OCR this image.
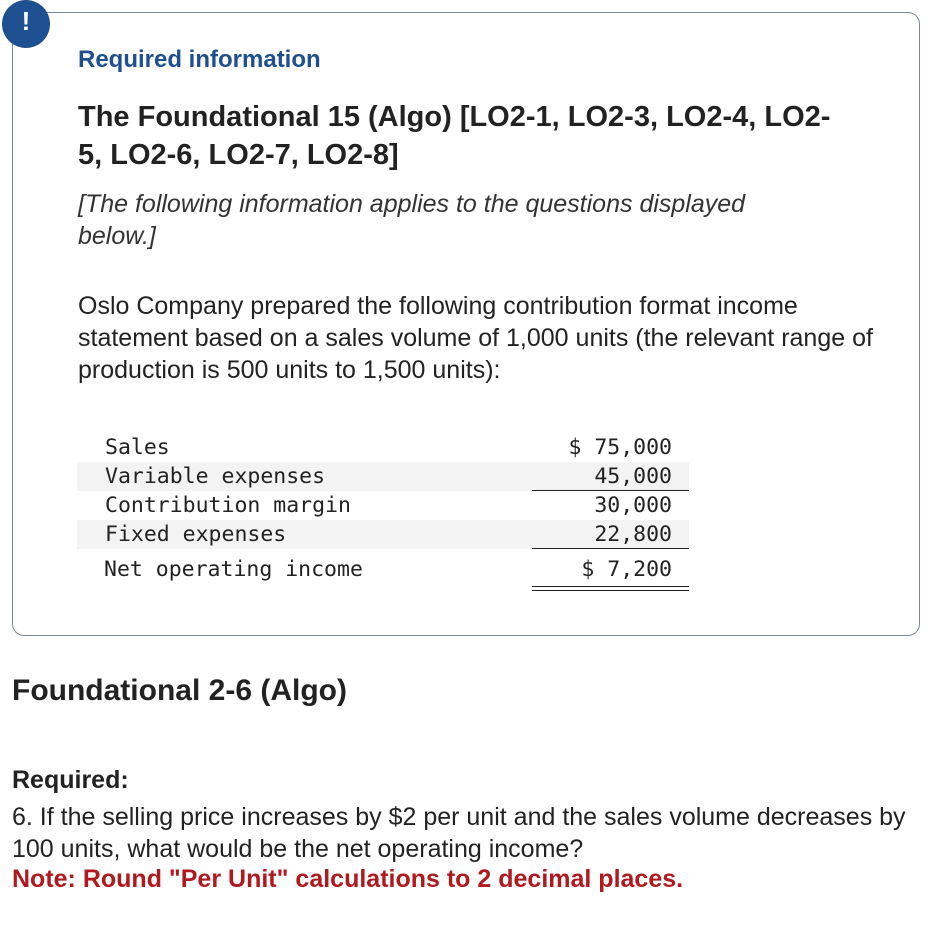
!
Required information
The Foundational 15 (Algo) [LO2-1, LO2-3, LO2-4, LO2-5, LO2-6, LO2-7, LO2-8]
[The following information applies to the questions displayed below.]
Oslo Company prepared the following contribution format income statement based on a sales volume of 1,000 units (the relevant range of production is 500 units to 1,500 units):
Sales	$ 75,000
Variable expenses	45,000
Contribution margin	30,000
Fixed expenses	22,800
Net operating income	$ 7,200
Foundational 2-6 (Algo)
Required:
6. If the selling price increases by $2 per unit and the sales volume decreases by 100 units, what would be the net operating income?
Note: Round "Per Unit" calculations to 2 decimal places.
